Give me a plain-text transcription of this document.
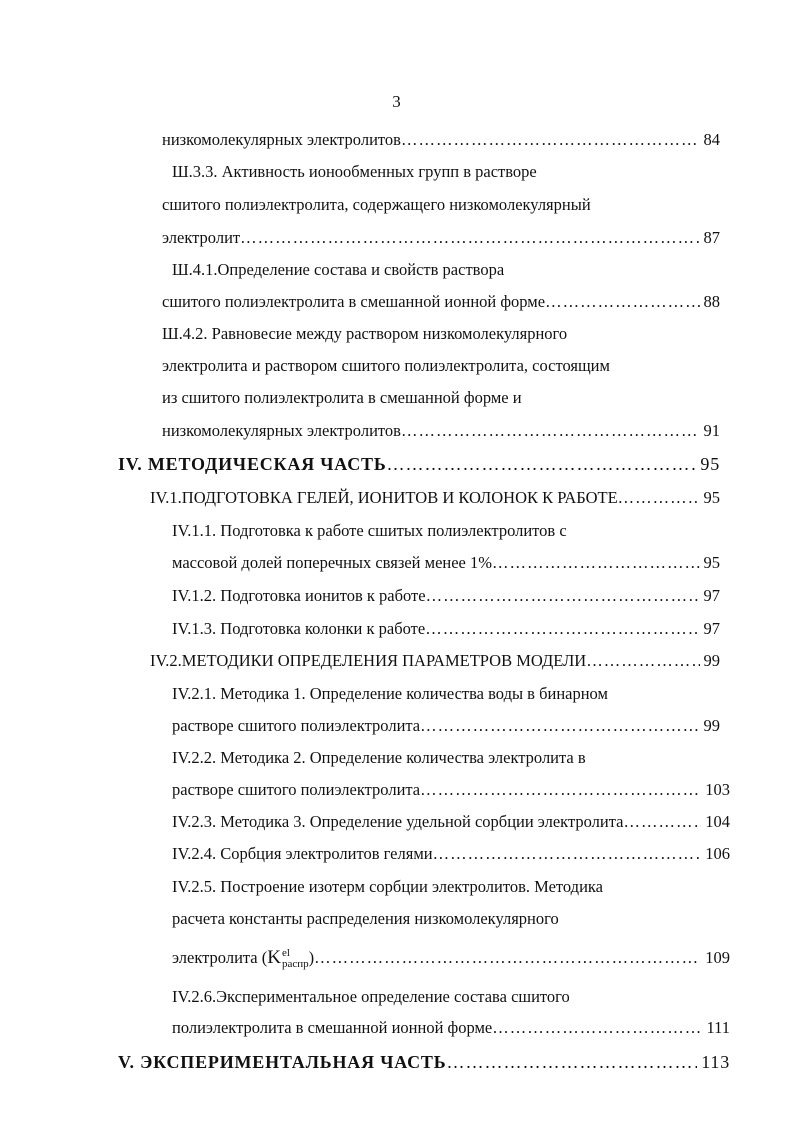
3
низкомолекулярных электролитов ……………………………………………………………………………………………………………………………………………………………………………………	84
Ш.3.3. Активность ионообменных групп в растворе
сшитого полиэлектролита, содержащего низкомолекулярный
электролит ……………………………………………………………………………………………………………………………………………………………………………………	87
Ш.4.1.Определение состава и свойств раствора
сшитого полиэлектролита в смешанной ионной форме ……………………………………………………………………………………………………………………………………………………………………………………	88
Ш.4.2. Равновесие между раствором низкомолекулярного
электролита и раствором сшитого полиэлектролита, состоящим
из сшитого полиэлектролита в смешанной форме и
низкомолекулярных электролитов ……………………………………………………………………………………………………………………………………………………………………………………	91
IV. МЕТОДИЧЕСКАЯ ЧАСТЬ ……………………………………………………………………………………………………………………………………………………………………………………	95
IV.1.ПОДГОТОВКА ГЕЛЕЙ, ИОНИТОВ И КОЛОНОК К РАБОТЕ ……………………………………………………………………………………………………………………………………………………………………………………	95
IV.1.1. Подготовка к работе сшитых полиэлектролитов с
массовой долей поперечных связей менее 1% ……………………………………………………………………………………………………………………………………………………………………………………	95
IV.1.2. Подготовка ионитов к работе ……………………………………………………………………………………………………………………………………………………………………………………	97
IV.1.3. Подготовка колонки к работе ……………………………………………………………………………………………………………………………………………………………………………………	97
IV.2.МЕТОДИКИ ОПРЕДЕЛЕНИЯ ПАРАМЕТРОВ МОДЕЛИ ……………………………………………………………………………………………………………………………………………………………………………………	99
IV.2.1. Методика 1. Определение количества воды в бинарном
растворе сшитого полиэлектролита ……………………………………………………………………………………………………………………………………………………………………………………	99
IV.2.2. Методика 2. Определение количества электролита в
растворе сшитого полиэлектролита ……………………………………………………………………………………………………………………………………………………………………………………	103
IV.2.3. Методика 3. Определение удельной сорбции электролита ……………………………………………………………………………………………………………………………………………………………………………………	104
IV.2.4. Сорбция электролитов гелями ……………………………………………………………………………………………………………………………………………………………………………………	106
IV.2.5. Построение изотерм сорбции электролитов. Методика
расчета константы распределения низкомолекулярного
электролита (K el
распр ) ……………………………………………………………………………………………………………………………………………………………………………………	109
IV.2.6.Экспериментальное определение состава сшитого
полиэлектролита в смешанной ионной форме ……………………………………………………………………………………………………………………………………………………………………………………	111
V. ЭКСПЕРИМЕНТАЛЬНАЯ ЧАСТЬ ……………………………………………………………………………………………………………………………………………………………………………………	113
